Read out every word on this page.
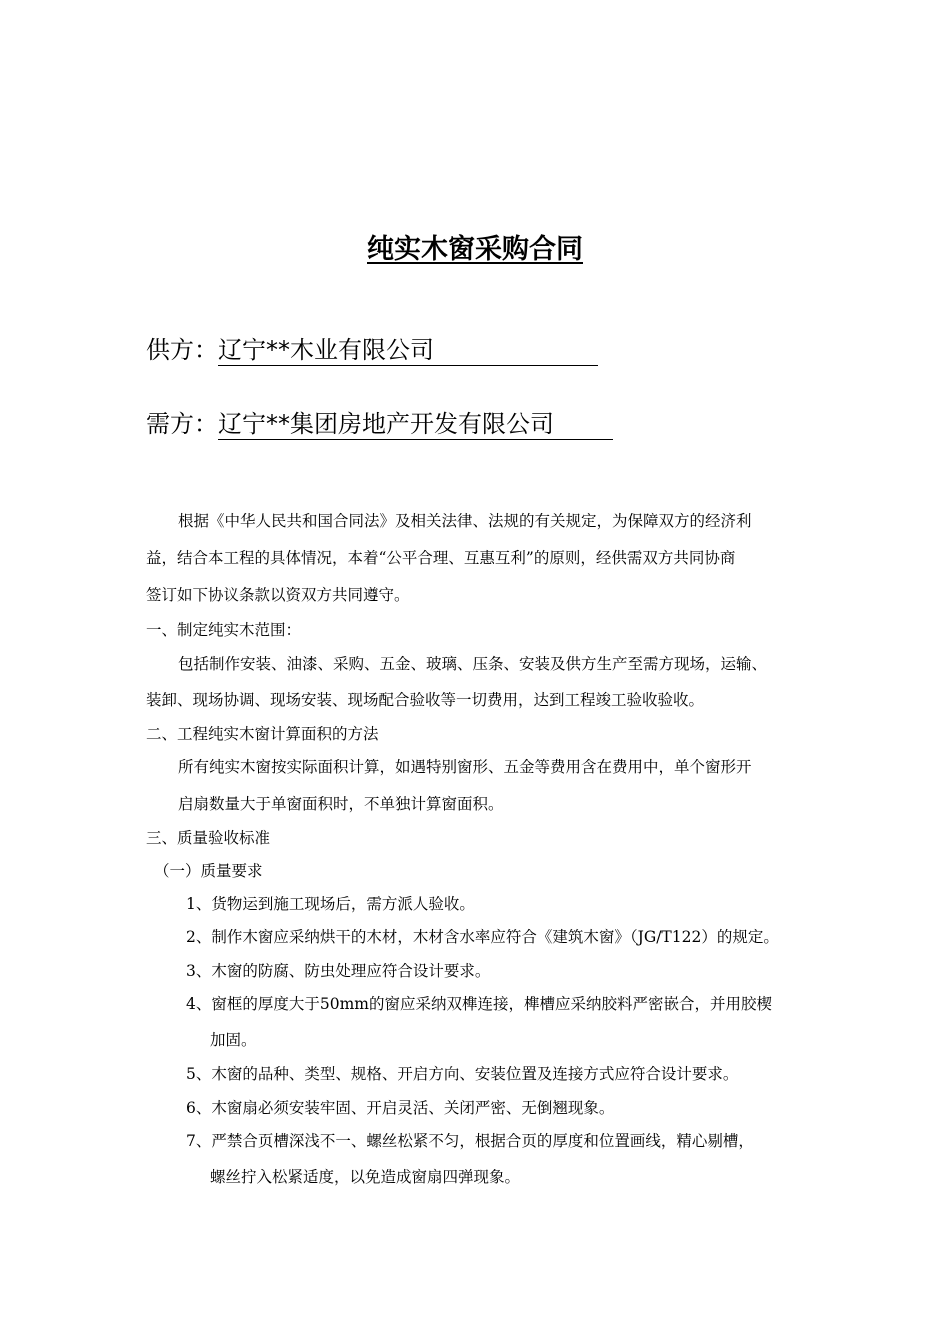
纯实木窗采购合同
供方：辽宁**木业有限公司
需方：辽宁**集团房地产开发有限公司
根据《中华人民共和国合同法》及相关法律、法规的有关规定，为保障双方的经济利
益，结合本工程的具体情况，本着“公平合理、互惠互利”的原则，经供需双方共同协商
签订如下协议条款以资双方共同遵守。
一、制定纯实木范围：
包括制作安装、油漆、采购、五金、玻璃、压条、安装及供方生产至需方现场，运输、
装卸、现场协调、现场安装、现场配合验收等一切费用，达到工程竣工验收验收。
二、工程纯实木窗计算面积的方法
所有纯实木窗按实际面积计算，如遇特别窗形、五金等费用含在费用中，单个窗形开
启扇数量大于单窗面积时，不单独计算窗面积。
三、质量验收标准
（一）质量要求
1、货物运到施工现场后，需方派人验收。
2、制作木窗应采纳烘干的木材，木材含水率应符合《建筑木窗》（JG/T122）的规定。
3、木窗的防腐、防虫处理应符合设计要求。
4、窗框的厚度大于50mm的窗应采纳双榫连接，榫槽应采纳胶料严密嵌合，并用胶楔
加固。
5、木窗的品种、类型、规格、开启方向、安装位置及连接方式应符合设计要求。
6、木窗扇必须安装牢固、开启灵活、关闭严密、无倒翘现象。
7、严禁合页槽深浅不一、螺丝松紧不匀，根据合页的厚度和位置画线，精心剔槽，
螺丝拧入松紧适度，以免造成窗扇四弹现象。
